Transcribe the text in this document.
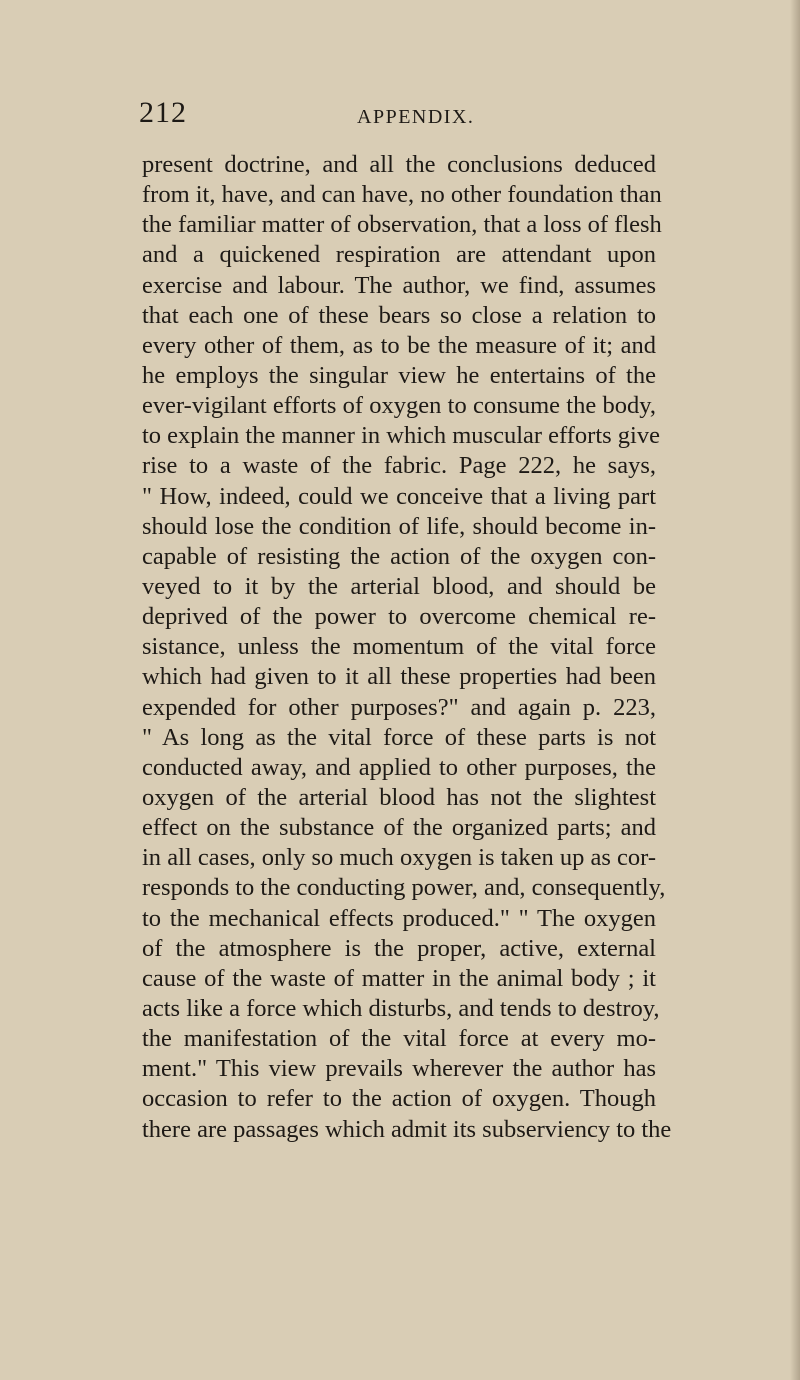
212	APPENDIX.
present doctrine, and all the conclusions deduced
from it, have, and can have, no other foundation than
the familiar matter of observation, that a loss of flesh
and a quickened respiration are attendant upon
exercise and labour. The author, we find, assumes
that each one of these bears so close a relation to
every other of them, as to be the measure of it; and
he employs the singular view he entertains of the
ever-vigilant efforts of oxygen to consume the body,
to explain the manner in which muscular efforts give
rise to a waste of the fabric. Page 222, he says,
" How, indeed, could we conceive that a living part
should lose the condition of life, should become in-
capable of resisting the action of the oxygen con-
veyed to it by the arterial blood, and should be
deprived of the power to overcome chemical re-
sistance, unless the momentum of the vital force
which had given to it all these properties had been
expended for other purposes?" and again p. 223,
" As long as the vital force of these parts is not
conducted away, and applied to other purposes, the
oxygen of the arterial blood has not the slightest
effect on the substance of the organized parts; and
in all cases, only so much oxygen is taken up as cor-
responds to the conducting power, and, consequently,
to the mechanical effects produced." " The oxygen
of the atmosphere is the proper, active, external
cause of the waste of matter in the animal body ; it
acts like a force which disturbs, and tends to destroy,
the manifestation of the vital force at every mo-
ment." This view prevails wherever the author has
occasion to refer to the action of oxygen. Though
there are passages which admit its subserviency to the
